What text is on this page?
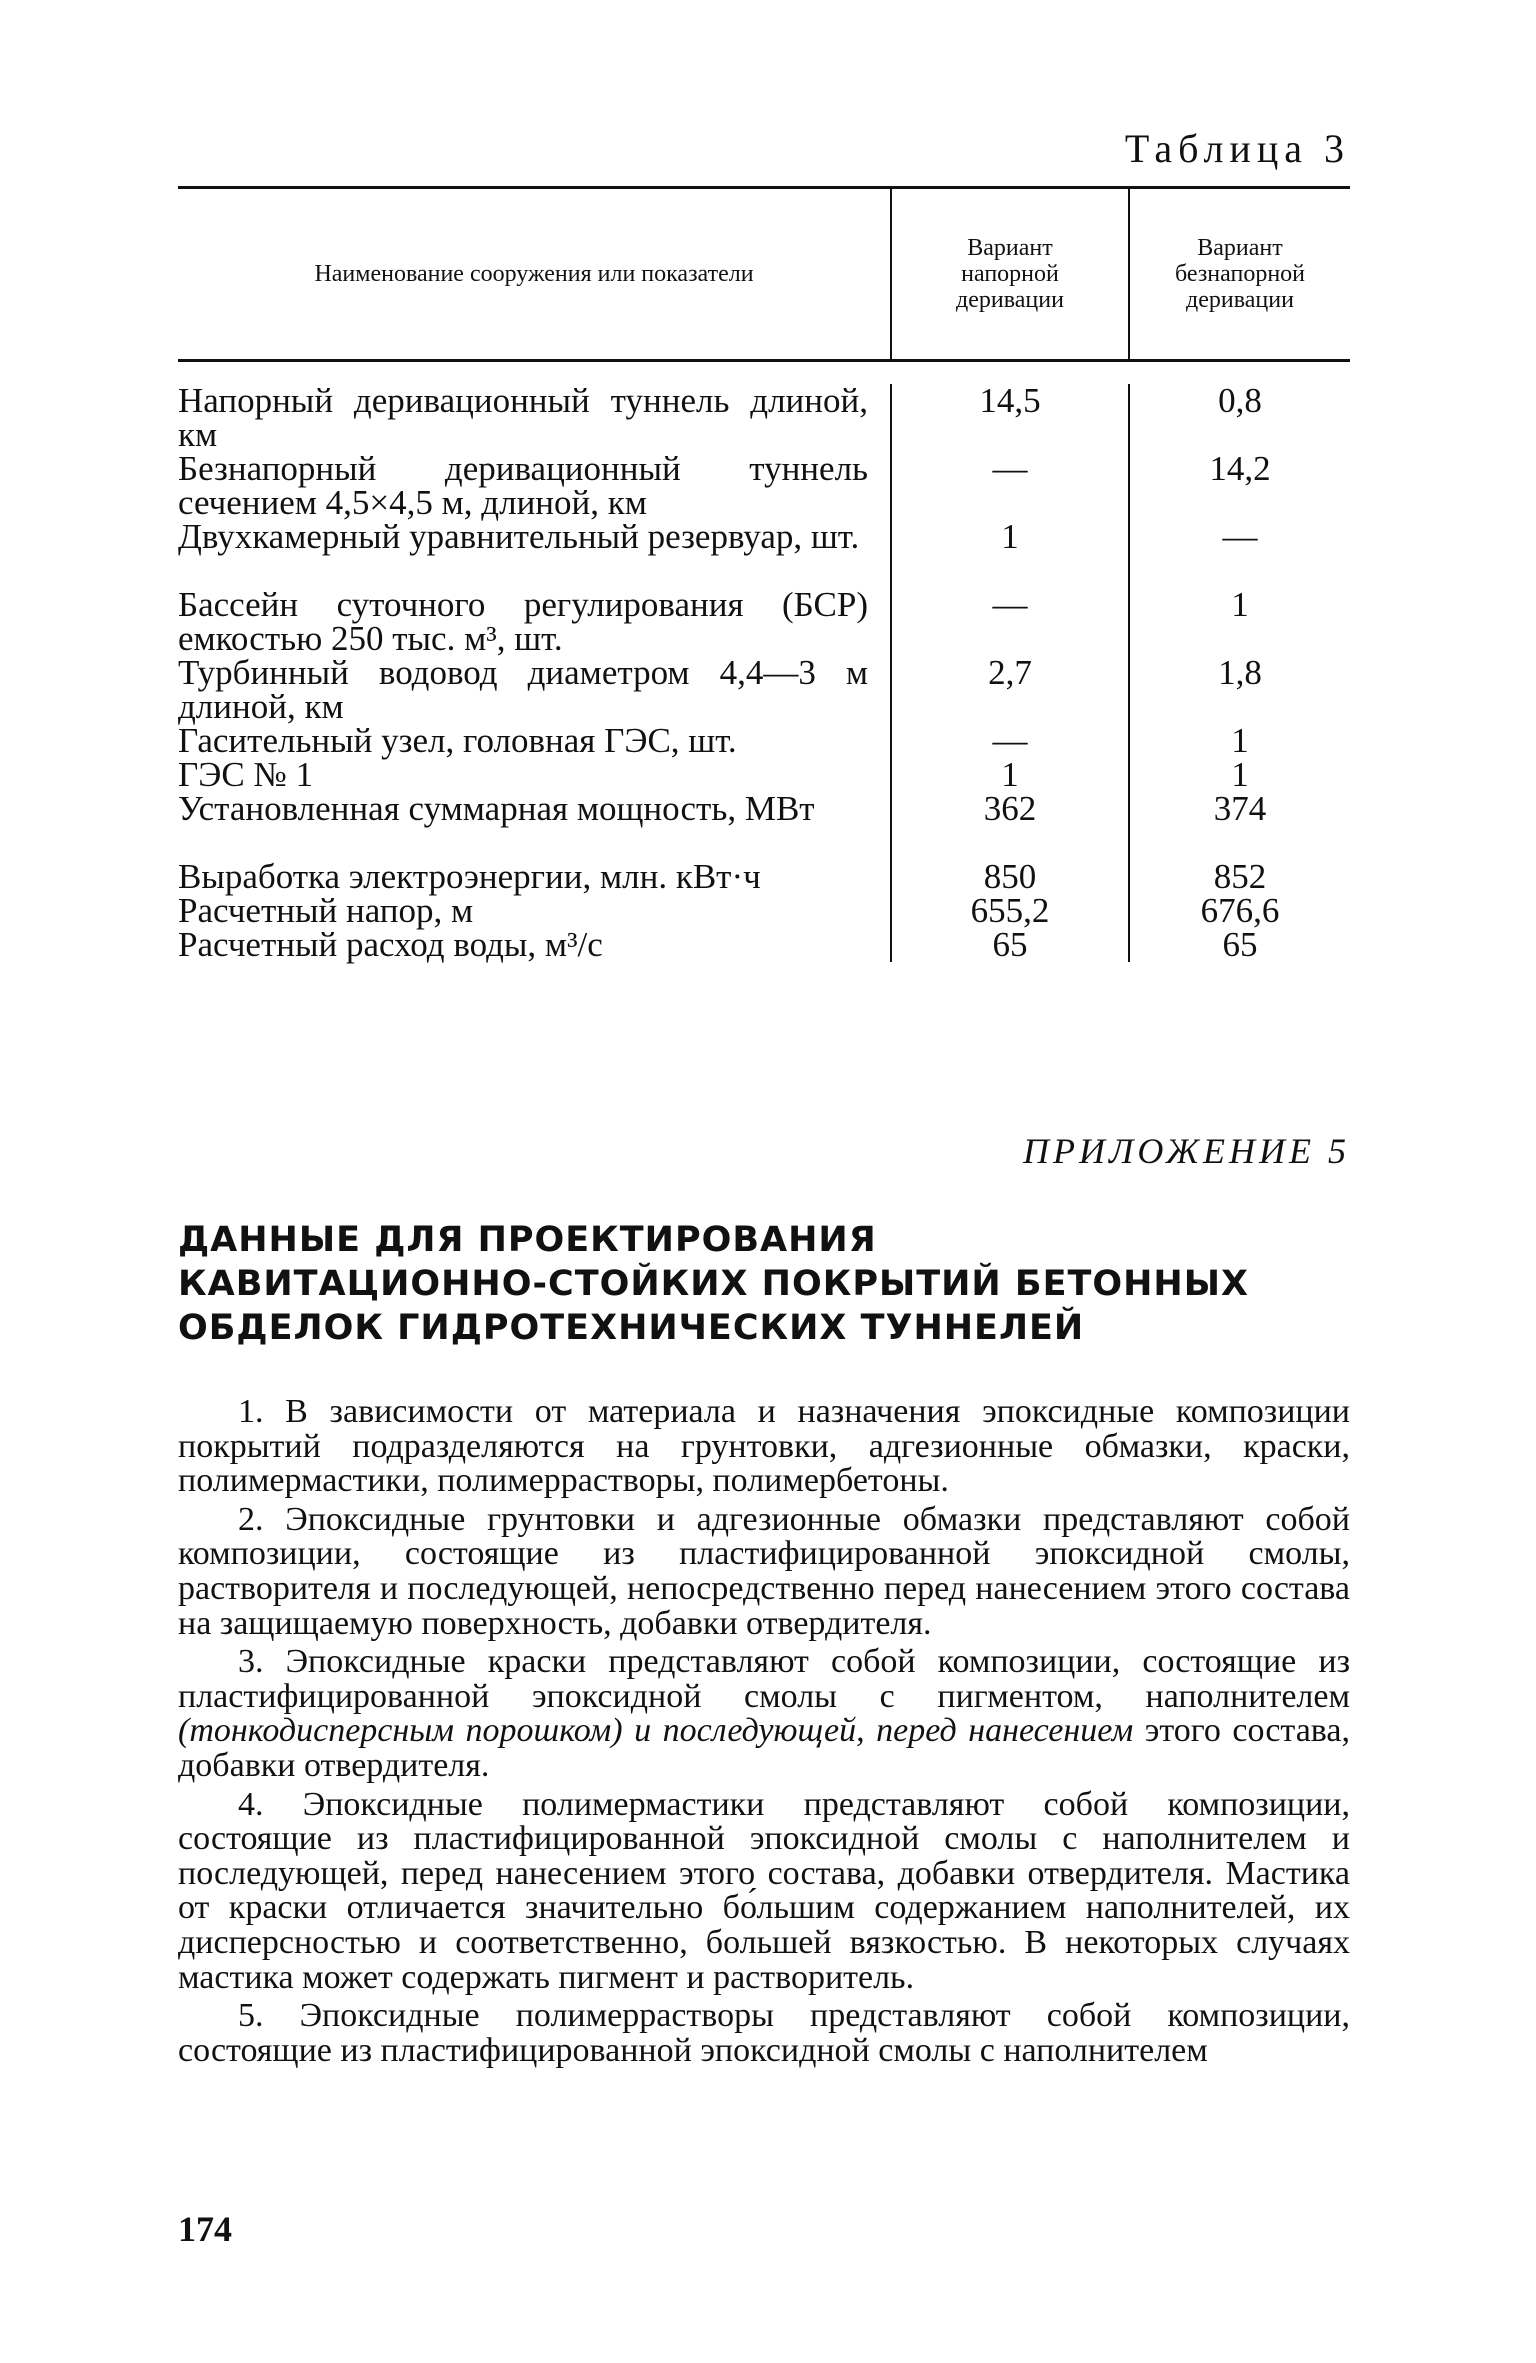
Таблица 3
Наименование сооружения или показатели
Вариант напорной деривации
Вариант безнапорной деривации
Напорный деривационный туннель длиной, км
Безнапорный деривационный туннель сечением 4,5×4,5 м, длиной, км
Двухкамерный уравнительный резервуар, шт.
Бассейн суточного регулирования (БСР) емкостью 250 тыс. м³, шт.
Турбинный водовод диаметром 4,4—3 м длиной, км
Гасительный узел, головная ГЭС, шт.
ГЭС № 1
Установленная суммарная мощность, МВт
Выработка электроэнергии, млн. кВт·ч
Расчетный напор, м
Расчетный расход воды, м³/с
14,5
—
1
—
2,7
—
1
362
850
655,2
65
0,8
14,2
—
1
1,8
1
1
374
852
676,6
65
ПРИЛОЖЕНИЕ 5
ДАННЫЕ ДЛЯ ПРОЕКТИРОВАНИЯ
КАВИТАЦИОННО-СТОЙКИХ ПОКРЫТИЙ БЕТОННЫХ
ОБДЕЛОК ГИДРОТЕХНИЧЕСКИХ ТУННЕЛЕЙ

1. В зависимости от материала и назначения эпоксидные композиции покрытий подразделяются на грунтовки, адгезионные обмазки, краски, полимермастики, полимеррастворы, полимербетоны.

2. Эпоксидные грунтовки и адгезионные обмазки представляют собой композиции, состоящие из пластифицированной эпоксидной смолы, растворителя и последующей, непосредственно перед нанесением этого состава на защищаемую поверхность, добавки отвердителя.

3. Эпоксидные краски представляют собой композиции, состоящие из пластифицированной эпоксидной смолы с пигментом, наполнителем (тонкодисперсным порошком) и последующей, перед нанесением этого состава, добавки отвердителя.

4. Эпоксидные полимермастики представляют собой композиции, состоящие из пластифицированной эпоксидной смолы с наполнителем и последующей, перед нанесением этого состава, добавки отвердителя. Мастика от краски отличается значительно бо́льшим содержанием наполнителей, их дисперсностью и соответственно, большей вязкостью. В некоторых случаях мастика может содержать пигмент и растворитель.

5. Эпоксидные полимеррастворы представляют собой композиции, состоящие из пластифицированной эпоксидной смолы с наполнителем

174
